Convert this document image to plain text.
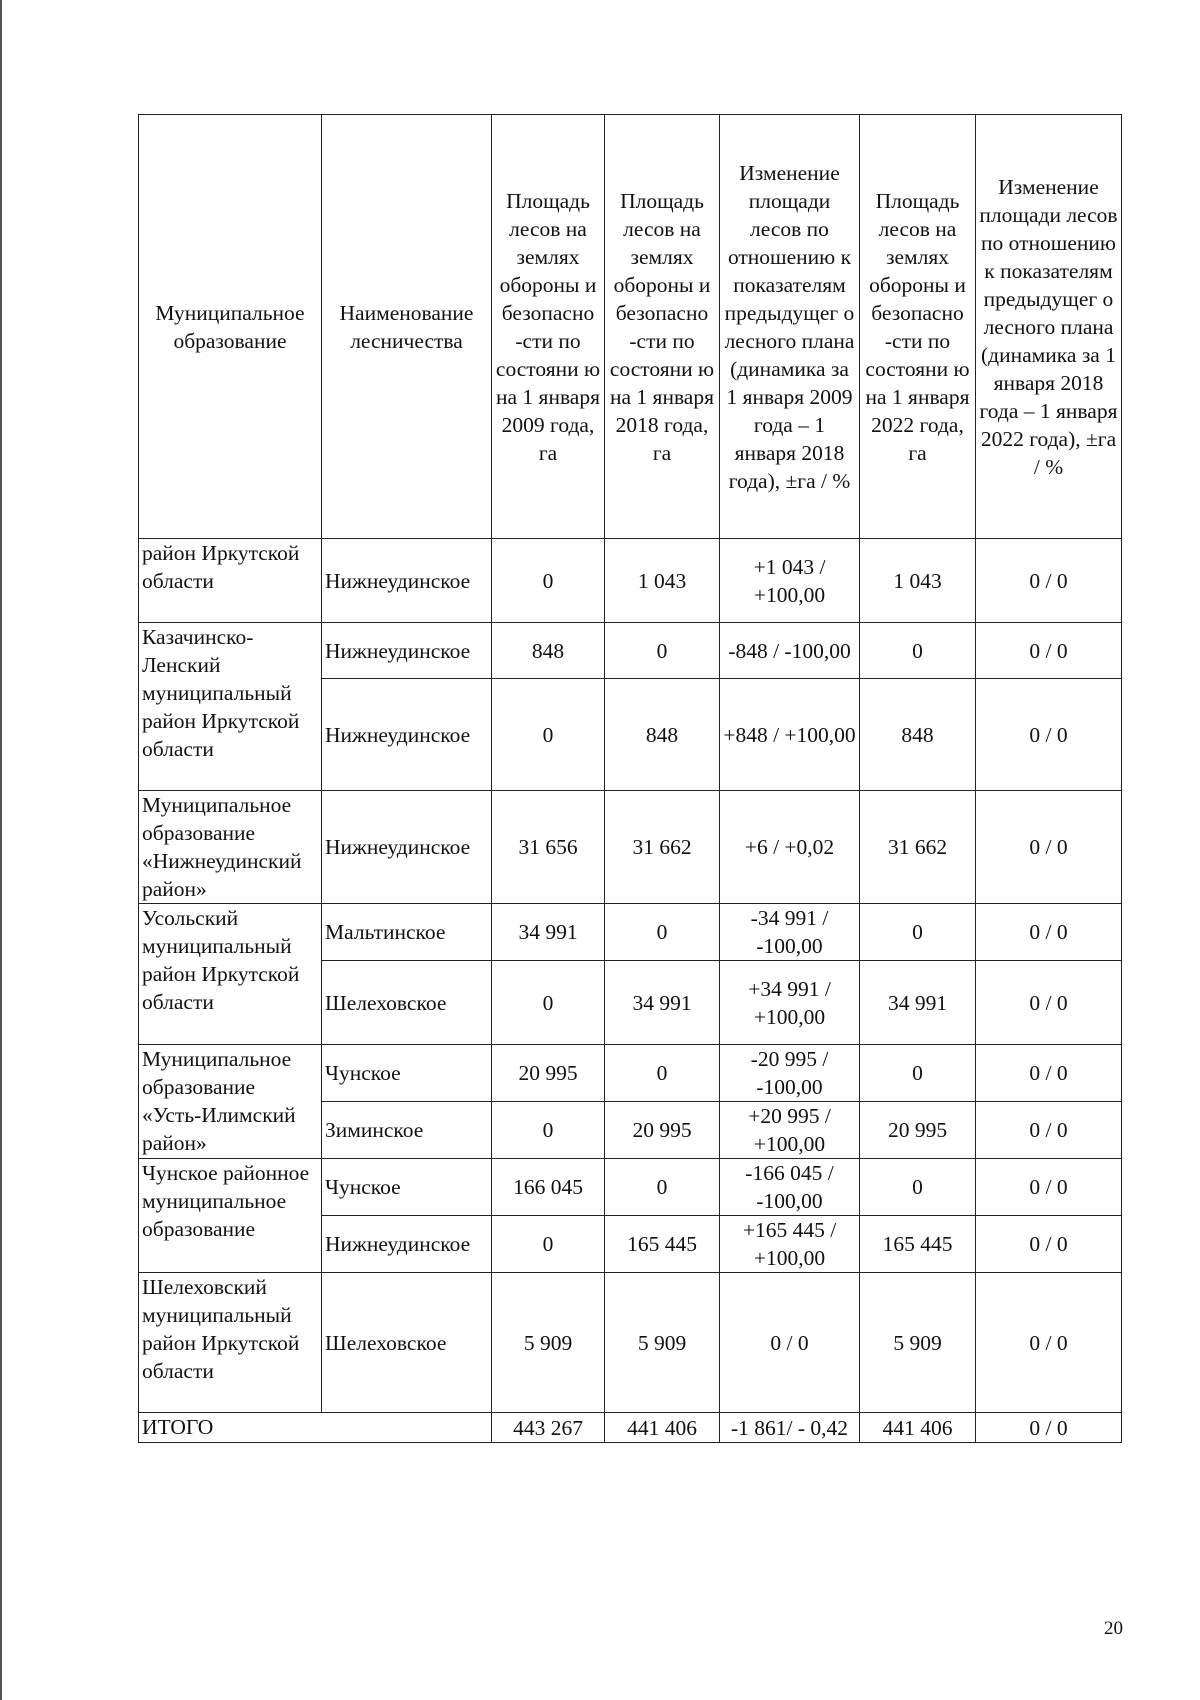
Муниципальное образование	Наименование лесничества	Площадь лесов на землях обороны и безопасно -сти по состояни ю на 1 января 2009 года, га	Площадь лесов на землях обороны и безопасно -сти по состояни ю на 1 января 2018 года, га	Изменение площади лесов по отношению к показателям предыдущег о лесного плана (динамика за 1 января 2009 года – 1 января 2018 года), ±га / %	Площадь лесов на землях обороны и безопасно -сти по состояни ю на 1 января 2022 года, га	Изменение площади лесов по отношению к показателям предыдущег о лесного плана (динамика за 1 января 2018 года – 1 января 2022 года), ±га / %
район Иркутской области	Нижнеудинское	0	1 043	+1 043 / +100,00	1 043	0 / 0
Казачинско-Ленский муниципальный район Иркутской области	Нижнеудинское	848	0	-848 / -100,00	0	0 / 0
	Нижнеудинское	0	848	+848 / +100,00	848	0 / 0
Муниципальное образование «Нижнеудинский район»	Нижнеудинское	31 656	31 662	+6 / +0,02	31 662	0 / 0
Усольский муниципальный район Иркутской области	Мальтинское	34 991	0	-34 991 / -100,00	0	0 / 0
	Шелеховское	0	34 991	+34 991 / +100,00	34 991	0 / 0
Муниципальное образование «Усть-Илимский район»	Чунское	20 995	0	-20 995 / -100,00	0	0 / 0
	Зиминское	0	20 995	+20 995 / +100,00	20 995	0 / 0
Чунское районное муниципальное образование	Чунское	166 045	0	-166 045 / -100,00	0	0 / 0
	Нижнеудинское	0	165 445	+165 445 / +100,00	165 445	0 / 0
Шелеховский муниципальный район Иркутской области	Шелеховское	5 909	5 909	0 / 0	5 909	0 / 0
ИТОГО		443 267	441 406	-1 861/ - 0,42	441 406	0 / 0
20
